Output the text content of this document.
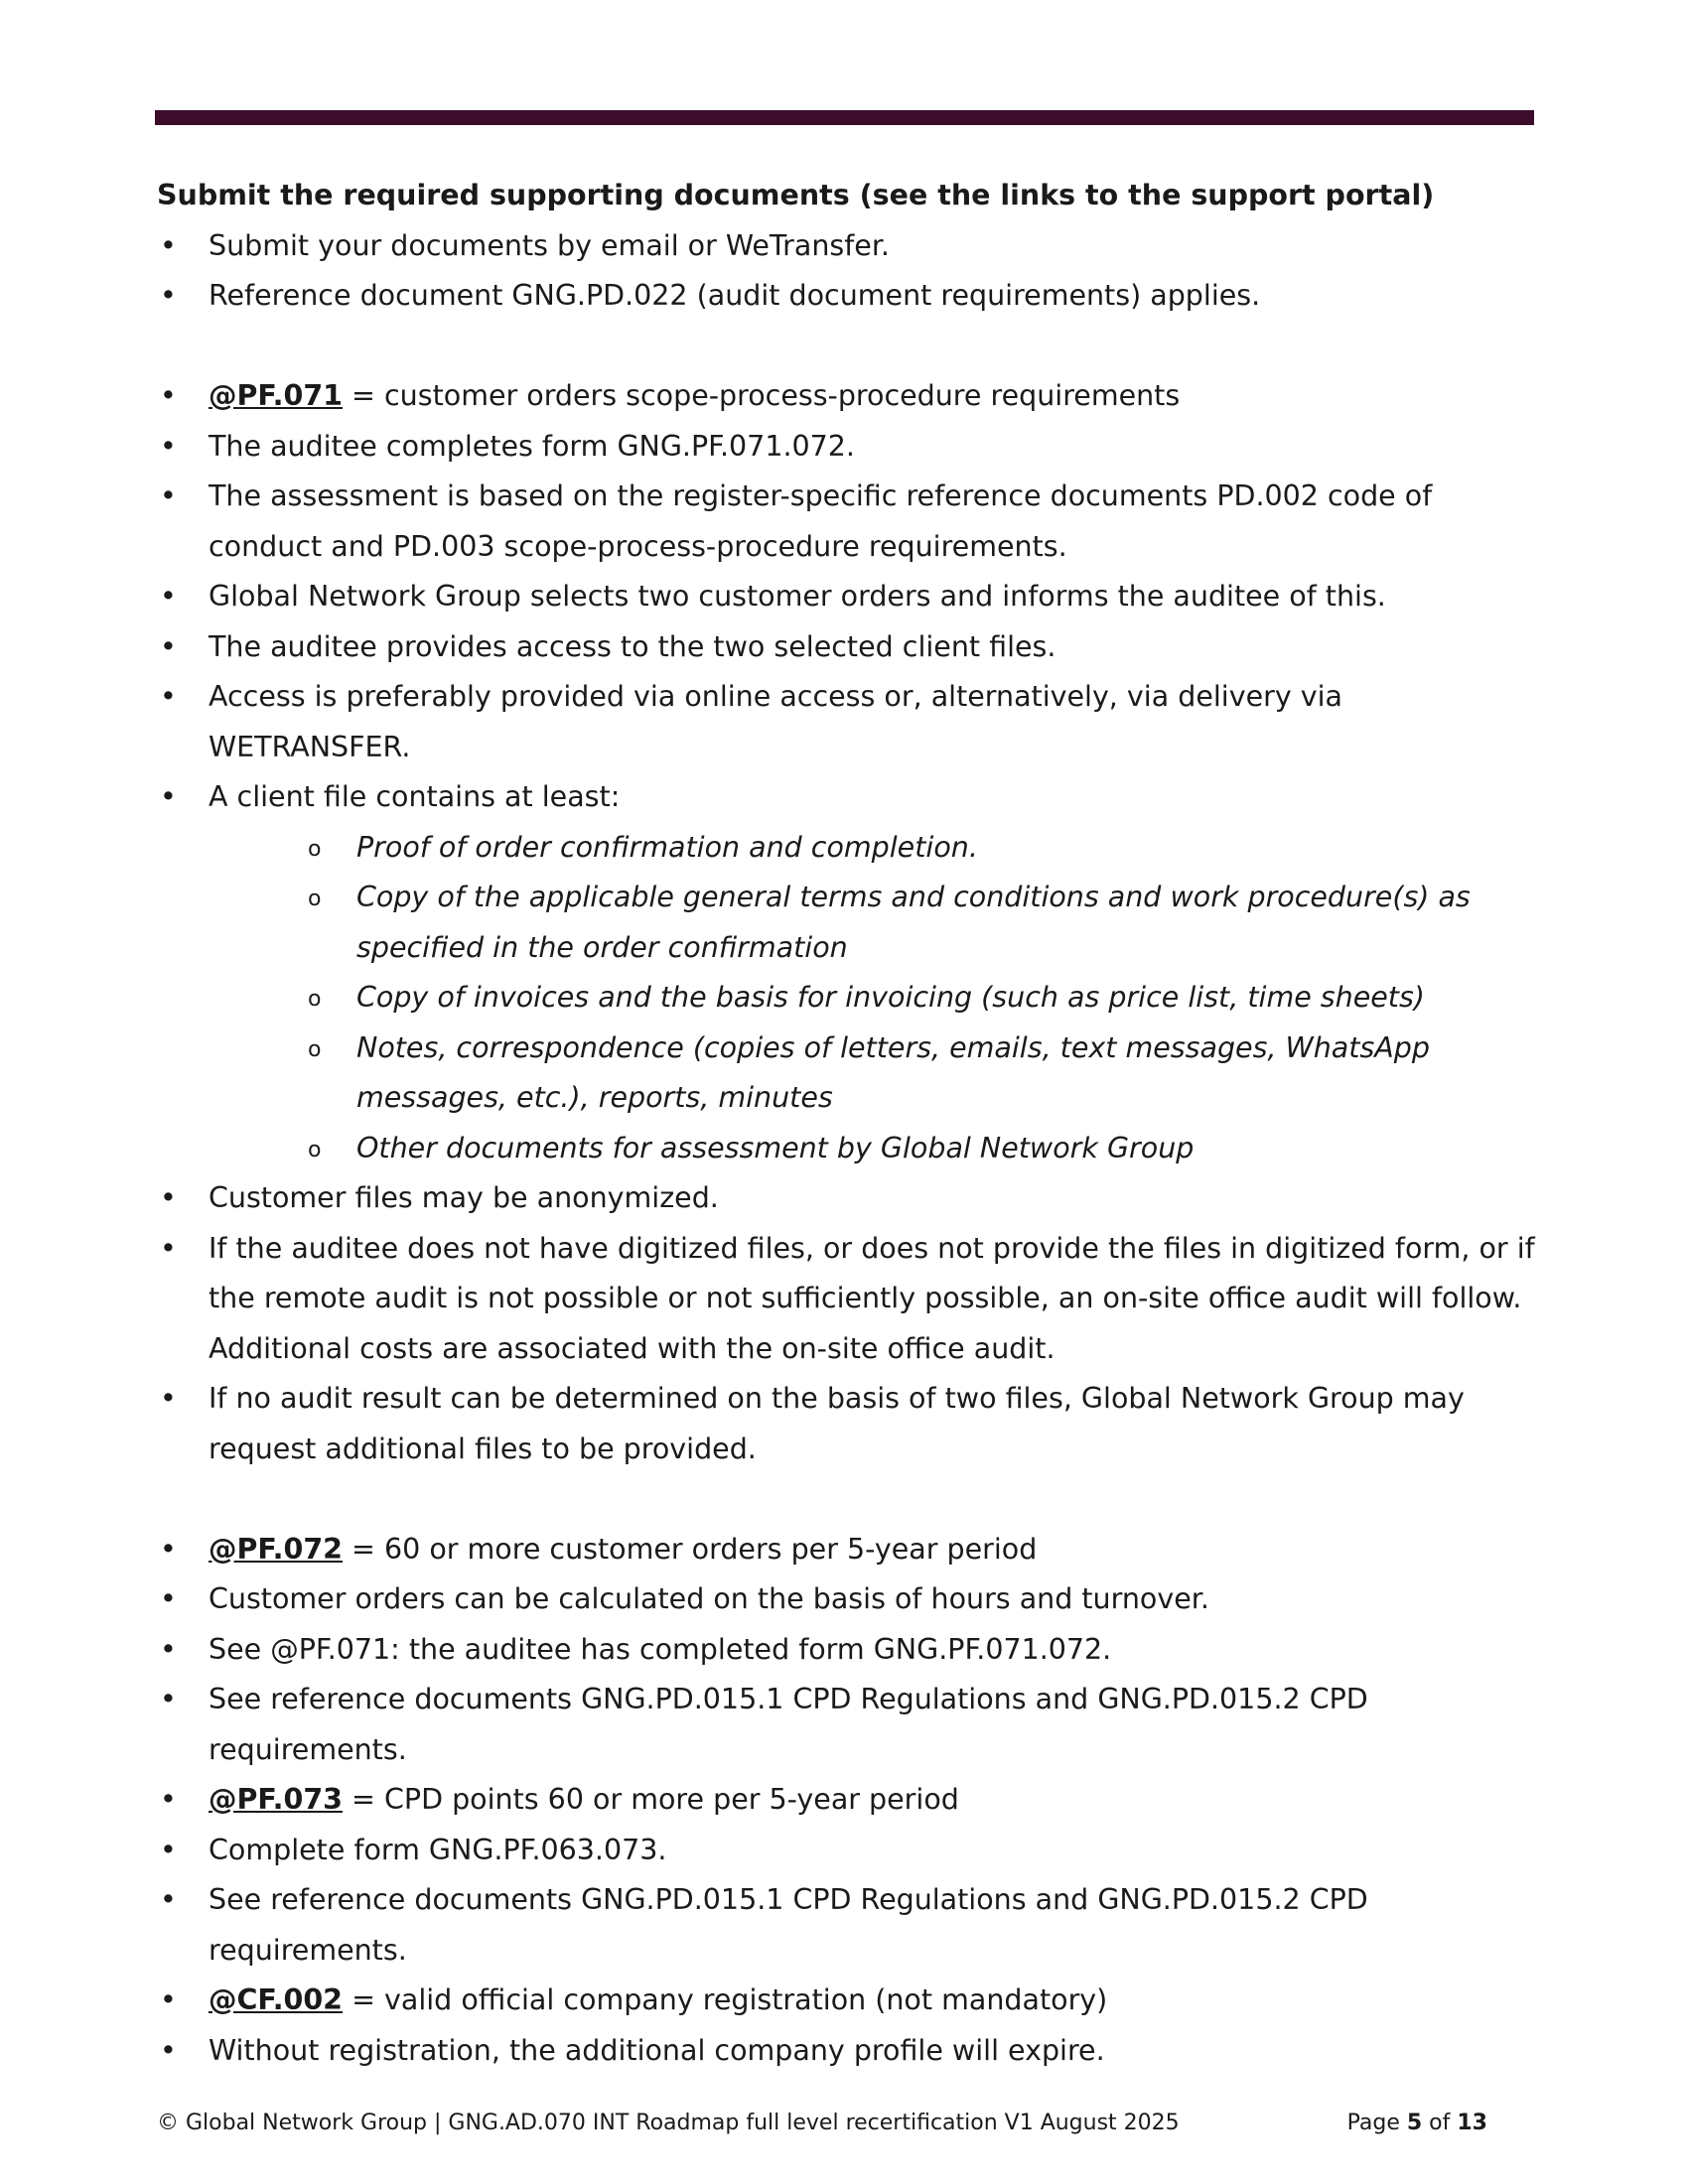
Submit the required supporting documents (see the links to the support portal)

• Submit your documents by email or WeTransfer.
• Reference document GNG.PD.022 (audit document requirements) applies.
• @PF.071 = customer orders scope-process-procedure requirements
• The auditee completes form GNG.PF.071.072.
• The assessment is based on the register-specific reference documents PD.002 code of conduct and PD.003 scope-process-procedure requirements.
• Global Network Group selects two customer orders and informs the auditee of this.
• The auditee provides access to the two selected client files.
• Access is preferably provided via online access or, alternatively, via delivery via WETRANSFER.
• A client file contains at least:
o Proof of order confirmation and completion.
o Copy of the applicable general terms and conditions and work procedure(s) as specified in the order confirmation
o Copy of invoices and the basis for invoicing (such as price list, time sheets)
o Notes, correspondence (copies of letters, emails, text messages, WhatsApp messages, etc.), reports, minutes
o Other documents for assessment by Global Network Group
• Customer files may be anonymized.
• If the auditee does not have digitized files, or does not provide the files in digitized form, or if the remote audit is not possible or not sufficiently possible, an on-site office audit will follow. Additional costs are associated with the on-site office audit.
• If no audit result can be determined on the basis of two files, Global Network Group may request additional files to be provided.
• @PF.072 = 60 or more customer orders per 5-year period
• Customer orders can be calculated on the basis of hours and turnover.
• See @PF.071: the auditee has completed form GNG.PF.071.072.
• See reference documents GNG.PD.015.1 CPD Regulations and GNG.PD.015.2 CPD requirements.
• @PF.073 = CPD points 60 or more per 5-year period
• Complete form GNG.PF.063.073.
• See reference documents GNG.PD.015.1 CPD Regulations and GNG.PD.015.2 CPD requirements.
• @CF.002 = valid official company registration (not mandatory)
• Without registration, the additional company profile will expire.
© Global Network Group | GNG.AD.070 INT Roadmap full level recertification V1 August 2025	Page 5 of 13
